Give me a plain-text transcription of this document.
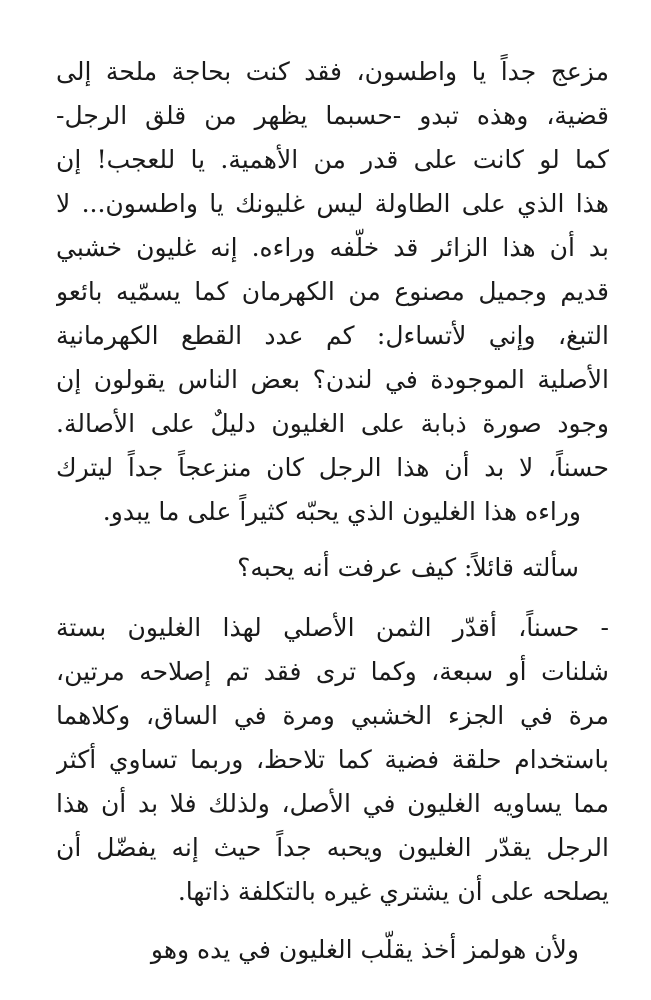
مزعج جداً يا واطسون، فقد كنت بحاجة ملحة إلى
قضية، وهذه تبدو -حسبما يظهر من قلق الرجل-
كما لو كانت على قدر من الأهمية. يا للعجب! إن
هذا الذي على الطاولة ليس غليونك يا واطسون... لا
بد أن هذا الزائر قد خلّفه وراءه. إنه غليون خشبي
قديم وجميل مصنوع من الكهرمان كما يسمّيه بائعو
التبغ، وإني لأتساءل: كم عدد القطع الكهرمانية
الأصلية الموجودة في لندن؟ بعض الناس يقولون إن
وجود صورة ذبابة على الغليون دليلٌ على الأصالة.
حسناً، لا بد أن هذا الرجل كان منزعجاً جداً ليترك
وراءه هذا الغليون الذي يحبّه كثيراً على ما يبدو.
سألته قائلاً: كيف عرفت أنه يحبه؟
- حسناً، أقدّر الثمن الأصلي لهذا الغليون بستة
شلنات أو سبعة، وكما ترى فقد تم إصلاحه مرتين،
مرة في الجزء الخشبي ومرة في الساق، وكلاهما
باستخدام حلقة فضية كما تلاحظ، وربما تساوي أكثر
مما يساويه الغليون في الأصل، ولذلك فلا بد أن هذا
الرجل يقدّر الغليون ويحبه جداً حيث إنه يفضّل أن
يصلحه على أن يشتري غيره بالتكلفة ذاتها.
ولأن هولمز أخذ يقلّب الغليون في يده وهو
